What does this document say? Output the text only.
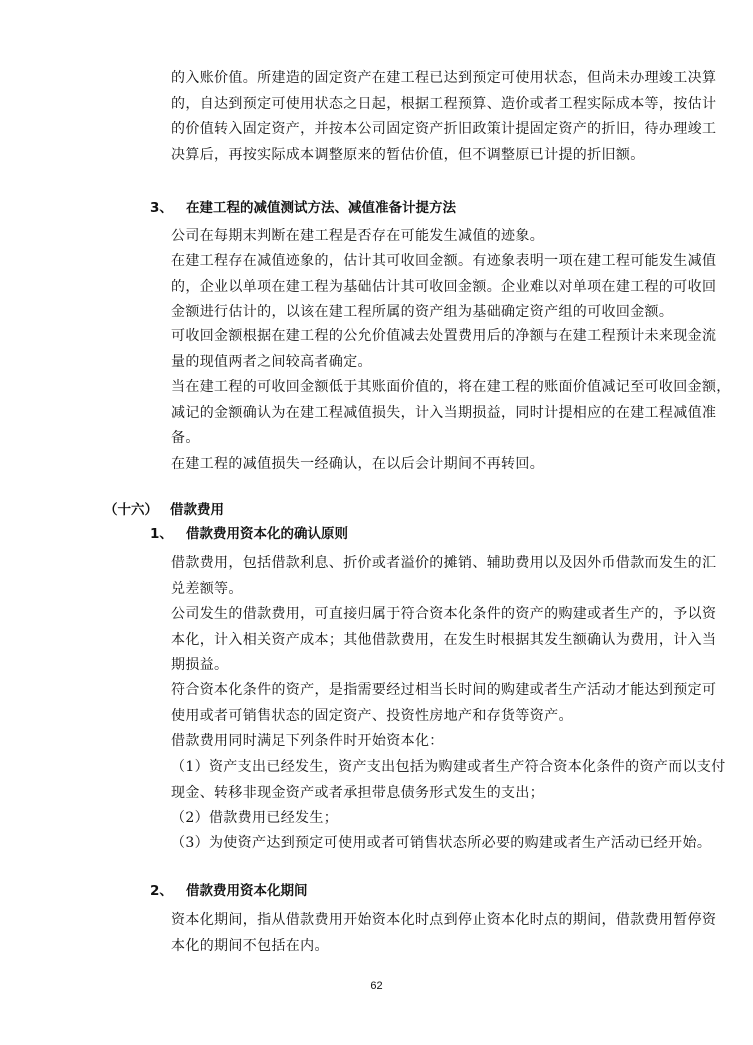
的入账价值。所建造的固定资产在建工程已达到预定可使用状态，但尚未办理竣工决算
的，自达到预定可使用状态之日起，根据工程预算、造价或者工程实际成本等，按估计
的价值转入固定资产，并按本公司固定资产折旧政策计提固定资产的折旧，待办理竣工
决算后，再按实际成本调整原来的暂估价值，但不调整原已计提的折旧额。
3、 在建工程的减值测试方法、减值准备计提方法
公司在每期末判断在建工程是否存在可能发生减值的迹象。
在建工程存在减值迹象的，估计其可收回金额。有迹象表明一项在建工程可能发生减值
的，企业以单项在建工程为基础估计其可收回金额。企业难以对单项在建工程的可收回
金额进行估计的，以该在建工程所属的资产组为基础确定资产组的可收回金额。
可收回金额根据在建工程的公允价值减去处置费用后的净额与在建工程预计未来现金流
量的现值两者之间较高者确定。
当在建工程的可收回金额低于其账面价值的，将在建工程的账面价值减记至可收回金额，
减记的金额确认为在建工程减值损失，计入当期损益，同时计提相应的在建工程减值准
备。
在建工程的减值损失一经确认，在以后会计期间不再转回。
（十六） 借款费用
1、 借款费用资本化的确认原则
借款费用，包括借款利息、折价或者溢价的摊销、辅助费用以及因外币借款而发生的汇
兑差额等。
公司发生的借款费用，可直接归属于符合资本化条件的资产的购建或者生产的，予以资
本化，计入相关资产成本；其他借款费用，在发生时根据其发生额确认为费用，计入当
期损益。
符合资本化条件的资产，是指需要经过相当长时间的购建或者生产活动才能达到预定可
使用或者可销售状态的固定资产、投资性房地产和存货等资产。
借款费用同时满足下列条件时开始资本化：
（1）资产支出已经发生，资产支出包括为购建或者生产符合资本化条件的资产而以支付
现金、转移非现金资产或者承担带息债务形式发生的支出；
（2）借款费用已经发生；
（3）为使资产达到预定可使用或者可销售状态所必要的购建或者生产活动已经开始。
2、 借款费用资本化期间
资本化期间，指从借款费用开始资本化时点到停止资本化时点的期间，借款费用暂停资
本化的期间不包括在内。
62
